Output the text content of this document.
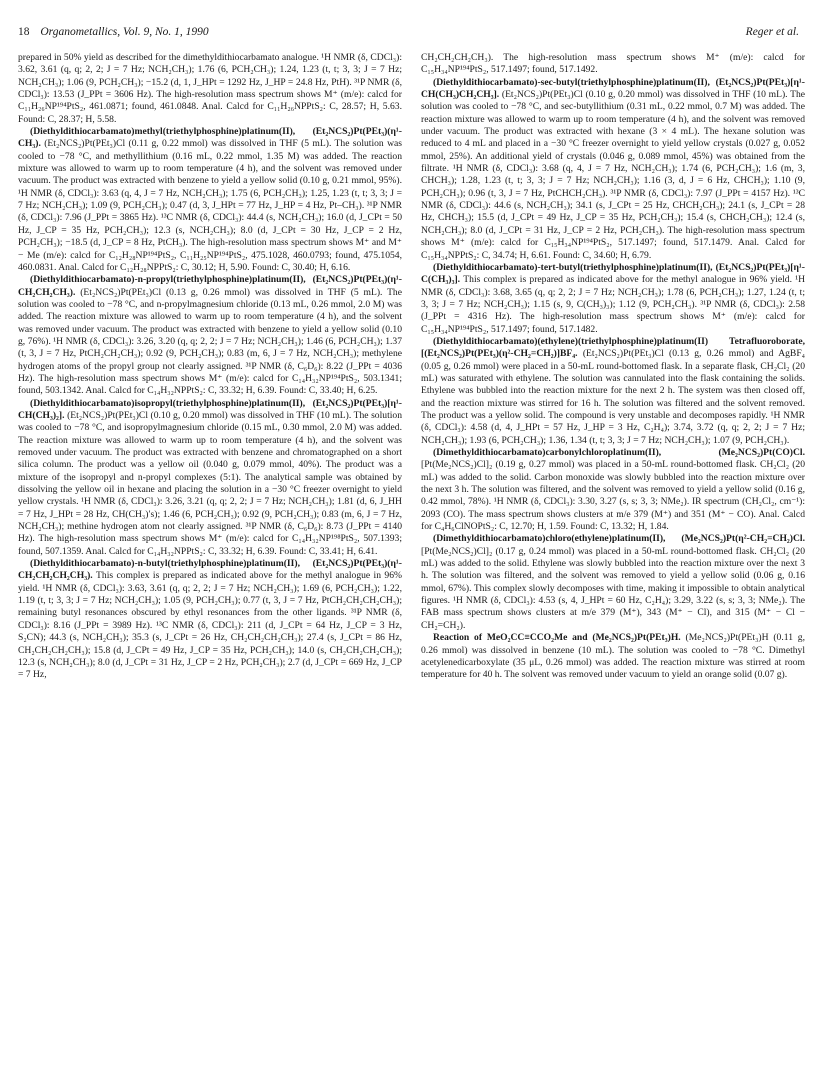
18 Organometallics, Vol. 9, No. 1, 1990	Reger et al.

prepared in 50% yield as described for the dimethyldithiocarbamato analogue. ¹H NMR (δ, CDCl₃): 3.62, 3.61 (q, q; 2, 2; J = 7 Hz; NCH₂CH₃); 1.76 (6, PCH₂CH₃); 1.24, 1.23 (t, t; 3, 3; J = 7 Hz; NCH₂CH₃); 1.06 (9, PCH₂CH₃); −15.2 (d, 1, J_HPt = 1292 Hz, J_HP = 24.8 Hz, PtH). ³¹P NMR (δ, CDCl₃): 13.53 (J_PPt = 3606 Hz). The high-resolution mass spectrum shows M⁺ (m/e): calcd for C₁₁H₂₆NP¹⁹⁴PtS₂, 461.0871; found, 461.0848. Anal. Calcd for C₁₁H₂₆NPPtS₂: C, 28.57; H, 5.63. Found: C, 28.37; H, 5.58.

(Diethyldithiocarbamato)methyl(triethylphosphine)platinum(II), (Et₂NCS₂)Pt(PEt₃)(η¹-CH₃). (Et₂NCS₂)Pt(PEt₃)Cl (0.11 g, 0.22 mmol) was dissolved in THF (5 mL). The solution was cooled to −78 °C, and methyllithium (0.16 mL, 0.22 mmol, 1.35 M) was added. The reaction mixture was allowed to warm up to room temperature (4 h), and the solvent was removed under vacuum. The product was extracted with benzene to yield a yellow solid (0.10 g, 0.21 mmol, 95%). ¹H NMR (δ, CDCl₃): 3.63 (q, 4, J = 7 Hz, NCH₂CH₃); 1.75 (6, PCH₂CH₃); 1.25, 1.23 (t, t; 3, 3; J = 7 Hz; NCH₂CH₃); 1.09 (9, PCH₂CH₃); 0.47 (d, 3, J_HPt = 77 Hz, J_HP = 4 Hz, Pt–CH₃). ³¹P NMR (δ, CDCl₃): 7.96 (J_PPt = 3865 Hz). ¹³C NMR (δ, CDCl₃): 44.4 (s, NCH₂CH₃); 16.0 (d, J_CPt = 50 Hz, J_CP = 35 Hz, PCH₂CH₃); 12.3 (s, NCH₂CH₃); 8.0 (d, J_CPt = 30 Hz, J_CP = 2 Hz, PCH₂CH₃); −18.5 (d, J_CP = 8 Hz, PtCH₃). The high-resolution mass spectrum shows M⁺ and M⁺ − Me (m/e): calcd for C₁₂H₂₈NP¹⁹⁴PtS₂, C₁₁H₂₅NP¹⁹⁴PtS₂, 475.1028, 460.0793; found, 475.1054, 460.0831. Anal. Calcd for C₁₂H₂₈NPPtS₂: C, 30.12; H, 5.90. Found: C, 30.40; H, 6.16.

(Diethyldithiocarbamato)-n-propyl(triethylphosphine)platinum(II), (Et₂NCS₂)Pt(PEt₃)(η¹-CH₂CH₂CH₃). (Et₂NCS₂)Pt(PEt₃)Cl (0.13 g, 0.26 mmol) was dissolved in THF (5 mL). The solution was cooled to −78 °C, and n-propylmagnesium chloride (0.13 mL, 0.26 mmol, 2.0 M) was added. The reaction mixture was allowed to warm up to room temperature (4 h), and the solvent was removed under vacuum. The product was extracted with benzene to yield a yellow solid (0.10 g, 76%). ¹H NMR (δ, CDCl₃): 3.26, 3.20 (q, q; 2, 2; J = 7 Hz; NCH₂CH₃); 1.46 (6, PCH₂CH₃); 1.37 (t, 3, J = 7 Hz, PtCH₂CH₂CH₃); 0.92 (9, PCH₂CH₃); 0.83 (m, 6, J = 7 Hz, NCH₂CH₃); methylene hydrogen atoms of the propyl group not clearly assigned. ³¹P NMR (δ, C₆D₆): 8.22 (J_PPt = 4036 Hz). The high-resolution mass spectrum shows M⁺ (m/e): calcd for C₁₄H₃₂NP¹⁹⁴PtS₂, 503.1341; found, 503.1342. Anal. Calcd for C₁₄H₃₂NPPtS₂: C, 33.32; H, 6.39. Found: C, 33.40; H, 6.25.

(Diethyldithiocarbamato)isopropyl(triethylphosphine)platinum(II), (Et₂NCS₂)Pt(PEt₃)[η¹-CH(CH₃)₂]. (Et₂NCS₂)Pt(PEt₃)Cl (0.10 g, 0.20 mmol) was dissolved in THF (10 mL). The solution was cooled to −78 °C, and isopropylmagnesium chloride (0.15 mL, 0.30 mmol, 2.0 M) was added. The reaction mixture was allowed to warm up to room temperature (4 h), and the solvent was removed under vacuum. The product was extracted with benzene and chromatographed on a short silica column. The product was a yellow oil (0.040 g, 0.079 mmol, 40%). The product was a mixture of the isopropyl and n-propyl complexes (5:1). The analytical sample was obtained by dissolving the yellow oil in hexane and placing the solution in a −30 °C freezer overnight to yield yellow crystals. ¹H NMR (δ, CDCl₃): 3.26, 3.21 (q, q; 2, 2; J = 7 Hz; NCH₂CH₃); 1.81 (d, 6, J_HH = 7 Hz, J_HPt = 28 Hz, CH(CH₃)′s); 1.46 (6, PCH₂CH₃); 0.92 (9, PCH₂CH₃); 0.83 (m, 6, J = 7 Hz, NCH₂CH₃); methine hydrogen atom not clearly assigned. ³¹P NMR (δ, C₆D₆): 8.73 (J_PPt = 4140 Hz). The high-resolution mass spectrum shows M⁺ (m/e): calcd for C₁₄H₃₂NP¹⁹⁸PtS₂, 507.1393; found, 507.1359. Anal. Calcd for C₁₄H₃₂NPPtS₂: C, 33.32; H, 6.39. Found: C, 33.41; H, 6.41.

(Diethyldithiocarbamato)-n-butyl(triethylphosphine)platinum(II), (Et₂NCS₂)Pt(PEt₃)(η¹-CH₂CH₂CH₂CH₃). This complex is prepared as indicated above for the methyl analogue in 96% yield. ¹H NMR (δ, CDCl₃): 3.63, 3.61 (q, q; 2, 2; J = 7 Hz; NCH₂CH₃); 1.69 (6, PCH₂CH₃); 1.22, 1.19 (t, t; 3, 3; J = 7 Hz; NCH₂CH₃); 1.05 (9, PCH₂CH₃); 0.77 (t, 3, J = 7 Hz, PtCH₂CH₂CH₂CH₃); remaining butyl resonances obscured by ethyl resonances from the other ligands. ³¹P NMR (δ, CDCl₃): 8.16 (J_PPt = 3989 Hz). ¹³C NMR (δ, CDCl₃): 211 (d, J_CPt = 64 Hz, J_CP = 3 Hz, S₂CN); 44.3 (s, NCH₂CH₃); 35.3 (s, J_CPt = 26 Hz, CH₂CH₂CH₂CH₃); 27.4 (s, J_CPt = 86 Hz, CH₂CH₂CH₂CH₃); 15.8 (d, J_CPt = 49 Hz, J_CP = 35 Hz, PCH₂CH₃); 14.0 (s, CH₂CH₂CH₂CH₃); 12.3 (s, NCH₂CH₃); 8.0 (d, J_CPt = 31 Hz, J_CP = 2 Hz, PCH₂CH₃); 2.7 (d, J_CPt = 669 Hz, J_CP = 7 Hz,

CH₂CH₂CH₂CH₃). The high-resolution mass spectrum shows M⁺ (m/e): calcd for C₁₅H₃₄NP¹⁹⁴PtS₂, 517.1497; found, 517.1492.

(Diethyldithiocarbamato)-sec-butyl(triethylphosphine)platinum(II), (Et₂NCS₂)Pt(PEt₃)[η¹-CH(CH₃)CH₂CH₃]. (Et₂NCS₂)Pt(PEt₃)Cl (0.10 g, 0.20 mmol) was dissolved in THF (10 mL). The solution was cooled to −78 °C, and sec-butyllithium (0.31 mL, 0.22 mmol, 0.7 M) was added. The reaction mixture was allowed to warm up to room temperature (4 h), and the solvent was removed under vacuum. The product was extracted with hexane (3 × 4 mL). The hexane solution was reduced to 4 mL and placed in a −30 °C freezer overnight to yield yellow crystals (0.027 g, 0.052 mmol, 25%). An additional yield of crystals (0.046 g, 0.089 mmol, 45%) was obtained from the filtrate. ¹H NMR (δ, CDCl₃): 3.68 (q, 4, J = 7 Hz, NCH₂CH₃); 1.74 (6, PCH₂CH₃); 1.6 (m, 3, CHCH₃); 1.28, 1.23 (t, t; 3, 3; J = 7 Hz; NCH₂CH₃); 1.16 (3, d, J = 6 Hz, CHCH₃); 1.10 (9, PCH₂CH₃); 0.96 (t, 3, J = 7 Hz, PtCHCH₂CH₃). ³¹P NMR (δ, CDCl₃): 7.97 (J_PPt = 4157 Hz). ¹³C NMR (δ, CDCl₃): 44.6 (s, NCH₂CH₃); 34.1 (s, J_CPt = 25 Hz, CHCH₂CH₃); 24.1 (s, J_CPt = 28 Hz, CHCH₃); 15.5 (d, J_CPt = 49 Hz, J_CP = 35 Hz, PCH₂CH₃); 15.4 (s, CHCH₂CH₃); 12.4 (s, NCH₂CH₃); 8.0 (d, J_CPt = 31 Hz, J_CP = 2 Hz, PCH₂CH₃). The high-resolution mass spectrum shows M⁺ (m/e): calcd for C₁₅H₃₄NP¹⁹⁴PtS₂, 517.1497; found, 517.1479. Anal. Calcd for C₁₅H₃₄NPPtS₂: C, 34.74; H, 6.61. Found: C, 34.60; H, 6.79.

(Diethyldithiocarbamato)-tert-butyl(triethylphosphine)platinum(II), (Et₂NCS₂)Pt(PEt₃)[η¹-C(CH₃)₃]. This complex is prepared as indicated above for the methyl analogue in 96% yield. ¹H NMR (δ, CDCl₃): 3.68, 3.65 (q, q; 2, 2; J = 7 Hz; NCH₂CH₃); 1.78 (6, PCH₂CH₃); 1.27, 1.24 (t, t; 3, 3; J = 7 Hz; NCH₂CH₃); 1.15 (s, 9, C(CH₃)₃); 1.12 (9, PCH₂CH₃). ³¹P NMR (δ, CDCl₃): 2.58 (J_PPt = 4316 Hz). The high-resolution mass spectrum shows M⁺ (m/e): calcd for C₁₅H₃₄NP¹⁹⁴PtS₂, 517.1497; found, 517.1482.

(Diethyldithiocarbamato)(ethylene)(triethylphosphine)platinum(II) Tetrafluoroborate, [(Et₂NCS₂)Pt(PEt₃)(η²-CH₂=CH₂)]BF₄. (Et₂NCS₂)Pt(PEt₃)Cl (0.13 g, 0.26 mmol) and AgBF₄ (0.05 g, 0.26 mmol) were placed in a 50-mL round-bottomed flask. In a separate flask, CH₂Cl₂ (20 mL) was saturated with ethylene. The solution was cannulated into the flask containing the solids. Ethylene was bubbled into the reaction mixture for the next 2 h. The system was then closed off, and the reaction mixture was stirred for 16 h. The solution was filtered and the solvent removed. The product was a yellow solid. The compound is very unstable and decomposes rapidly. ¹H NMR (δ, CDCl₃): 4.58 (d, 4, J_HPt = 57 Hz, J_HP = 3 Hz, C₂H₄); 3.74, 3.72 (q, q; 2, 2; J = 7 Hz; NCH₂CH₃); 1.93 (6, PCH₂CH₃); 1.36, 1.34 (t, t; 3, 3; J = 7 Hz; NCH₂CH₃); 1.07 (9, PCH₂CH₃).

(Dimethyldithiocarbamato)carbonylchloroplatinum(II), (Me₂NCS₂)Pt(CO)Cl. [Pt(Me₂NCS₂)Cl]₂ (0.19 g, 0.27 mmol) was placed in a 50-mL round-bottomed flask. CH₂Cl₂ (20 mL) was added to the solid. Carbon monoxide was slowly bubbled into the reaction mixture over the next 3 h. The solution was filtered, and the solvent was removed to yield a yellow solid (0.16 g, 0.42 mmol, 78%). ¹H NMR (δ, CDCl₃): 3.30, 3.27 (s, s; 3, 3; NMe₂). IR spectrum (CH₂Cl₂, cm⁻¹): 2093 (CO). The mass spectrum shows clusters at m/e 379 (M⁺) and 351 (M⁺ − CO). Anal. Calcd for C₄H₆ClNOPtS₂: C, 12.70; H, 1.59. Found: C, 13.32; H, 1.84.

(Dimethyldithiocarbamato)chloro(ethylene)platinum(II), (Me₂NCS₂)Pt(η²-CH₂=CH₂)Cl. [Pt(Me₂NCS₂)Cl]₂ (0.17 g, 0.24 mmol) was placed in a 50-mL round-bottomed flask. CH₂Cl₂ (20 mL) was added to the solid. Ethylene was slowly bubbled into the reaction mixture over the next 3 h. The solution was filtered, and the solvent was removed to yield a yellow solid (0.06 g, 0.16 mmol, 67%). This complex slowly decomposes with time, making it impossible to obtain analytical figures. ¹H NMR (δ, CDCl₃): 4.53 (s, 4, J_HPt = 60 Hz, C₂H₄); 3.29, 3.22 (s, s; 3, 3; NMe₂). The FAB mass spectrum shows clusters at m/e 379 (M⁺), 343 (M⁺ − Cl), and 315 (M⁺ − Cl − CH₂=CH₂).

Reaction of MeO₂CC≡CCO₂Me and (Me₂NCS₂)Pt(PEt₃)H. (Me₂NCS₂)Pt(PEt₃)H (0.11 g, 0.26 mmol) was dissolved in benzene (10 mL). The solution was cooled to −78 °C. Dimethyl acetylenedicarboxylate (35 μL, 0.26 mmol) was added. The reaction mixture was stirred at room temperature for 40 h. The solvent was removed under vacuum to yield an orange solid (0.07 g).
